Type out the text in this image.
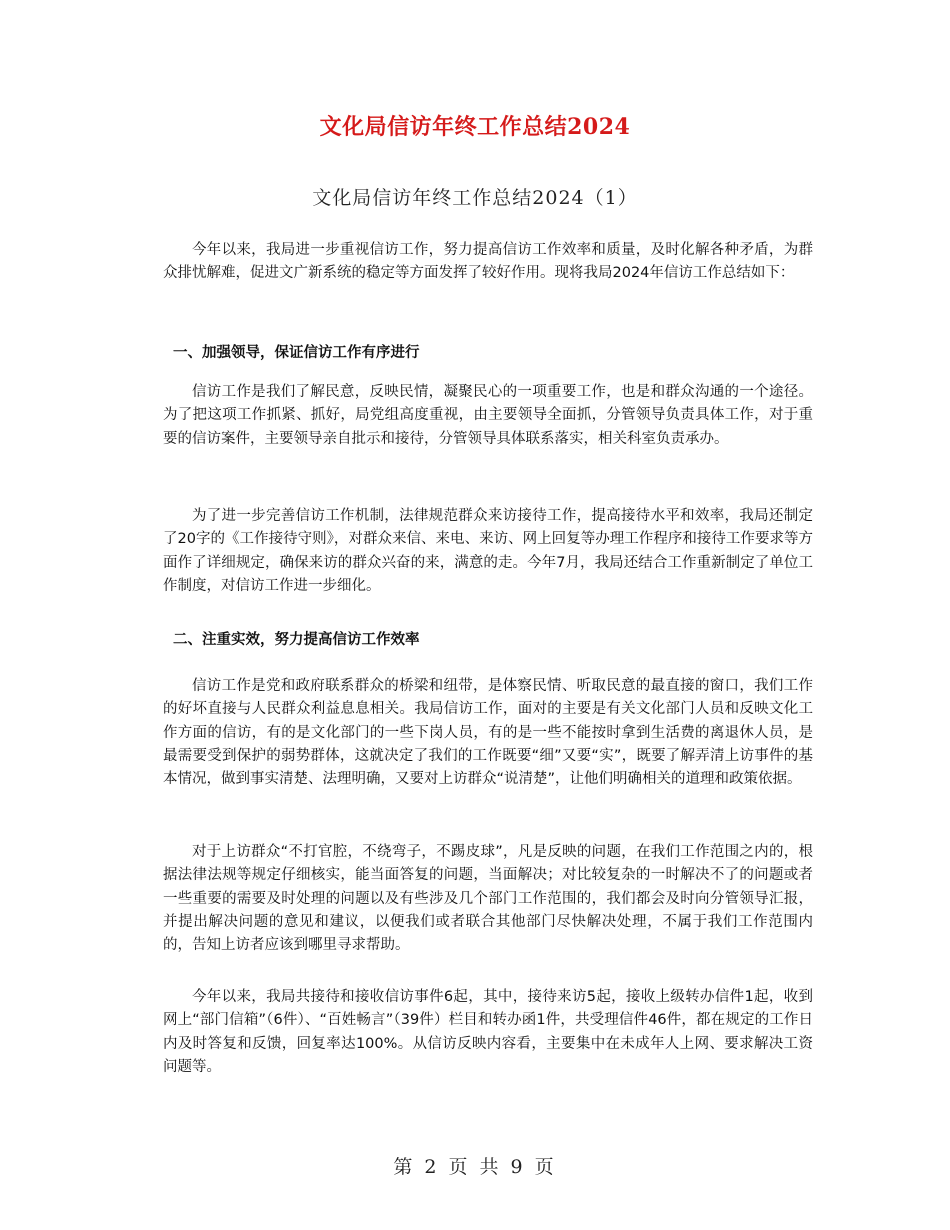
文化局信访年终工作总结2024
文化局信访年终工作总结2024（1）

今年以来，我局进一步重视信访工作，努力提高信访工作效率和质量，及时化解各种矛盾，为群众排忧解难，促进文广新系统的稳定等方面发挥了较好作用。现将我局2024年信访工作总结如下：

一、加强领导，保证信访工作有序进行

信访工作是我们了解民意，反映民情，凝聚民心的一项重要工作，也是和群众沟通的一个途径。为了把这项工作抓紧、抓好，局党组高度重视，由主要领导全面抓，分管领导负责具体工作，对于重要的信访案件，主要领导亲自批示和接待，分管领导具体联系落实，相关科室负责承办。

为了进一步完善信访工作机制，法律规范群众来访接待工作，提高接待水平和效率，我局还制定了20字的《工作接待守则》，对群众来信、来电、来访、网上回复等办理工作程序和接待工作要求等方面作了详细规定，确保来访的群众兴奋的来，满意的走。今年7月，我局还结合工作重新制定了单位工作制度，对信访工作进一步细化。

二、注重实效，努力提高信访工作效率

信访工作是党和政府联系群众的桥梁和纽带，是体察民情、听取民意的最直接的窗口，我们工作的好坏直接与人民群众利益息息相关。我局信访工作，面对的主要是有关文化部门人员和反映文化工作方面的信访，有的是文化部门的一些下岗人员，有的是一些不能按时拿到生活费的离退休人员，是最需要受到保护的弱势群体，这就决定了我们的工作既要“细”又要“实”，既要了解弄清上访事件的基本情况，做到事实清楚、法理明确，又要对上访群众“说清楚”，让他们明确相关的道理和政策依据。

对于上访群众“不打官腔，不绕弯子，不踢皮球”，凡是反映的问题，在我们工作范围之内的，根据法律法规等规定仔细核实，能当面答复的问题，当面解决；对比较复杂的一时解决不了的问题或者一些重要的需要及时处理的问题以及有些涉及几个部门工作范围的，我们都会及时向分管领导汇报，并提出解决问题的意见和建议，以便我们或者联合其他部门尽快解决处理，不属于我们工作范围内的，告知上访者应该到哪里寻求帮助。

今年以来，我局共接待和接收信访事件6起，其中，接待来访5起，接收上级转办信件1起，收到网上“部门信箱”（6件）、“百姓畅言”（39件）栏目和转办函1件，共受理信件46件，都在规定的工作日内及时答复和反馈，回复率达100%。从信访反映内容看，主要集中在未成年人上网、要求解决工资问题等。

第 2 页 共 9 页
